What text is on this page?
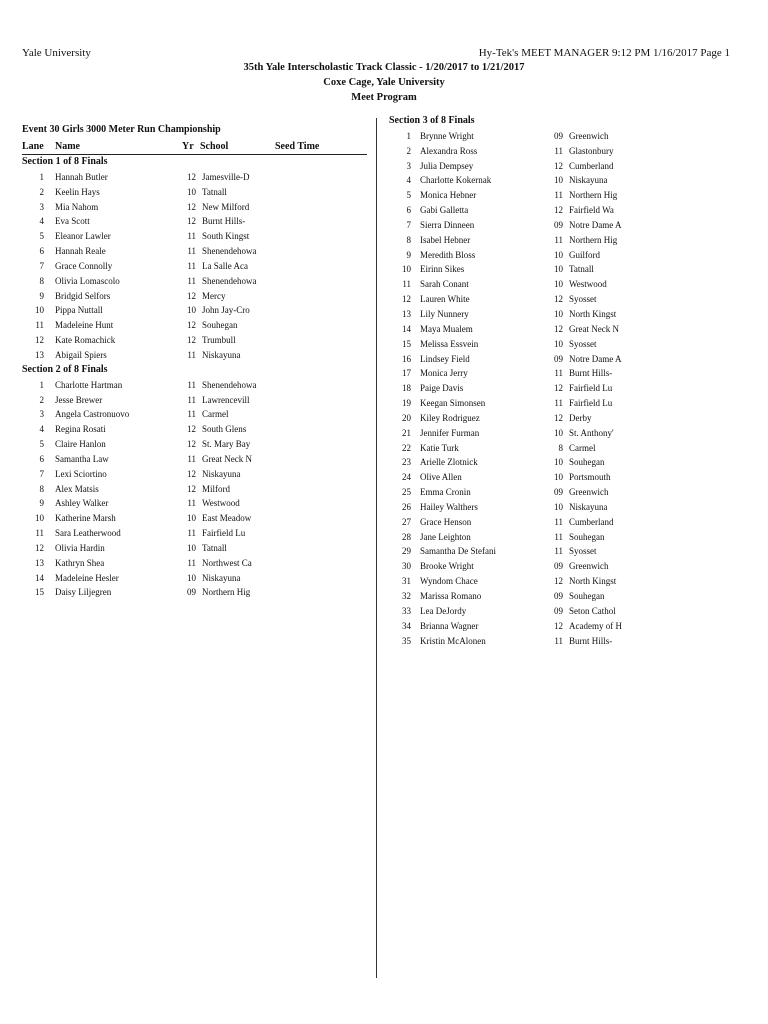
Yale University	Hy-Tek's MEET MANAGER 9:12 PM 1/16/2017 Page 1
35th Yale Interscholastic Track Classic - 1/20/2017 to 1/21/2017
Coxe Cage, Yale University
Meet Program
Event 30 Girls 3000 Meter Run Championship
Lane Name	Yr School	Seed Time
Section 1 of 8 Finals
1 Hannah Butler	12 Jamesville-D
2 Keelin Hays	10 Tatnall
3 Mia Nahom	12 New Milford
4 Eva Scott	12 Burnt Hills-
5 Eleanor Lawler	11 South Kingst
6 Hannah Reale	11 Shenendehowa
7 Grace Connolly	11 La Salle Aca
8 Olivia Lomascolo	11 Shenendehowa
9 Bridgid Selfors	12 Mercy
10 Pippa Nuttall	10 John Jay-Cro
11 Madeleine Hunt	12 Souhegan
12 Kate Romachick	12 Trumbull
13 Abigail Spiers	11 Niskayuna
Section 2 of 8 Finals
1 Charlotte Hartman	11 Shenendehowa
2 Jesse Brewer	11 Lawrencevill
3 Angela Castronuovo	11 Carmel
4 Regina Rosati	12 South Glens
5 Claire Hanlon	12 St. Mary Bay
6 Samantha Law	11 Great Neck N
7 Lexi Sciortino	12 Niskayuna
8 Alex Matsis	12 Milford
9 Ashley Walker	11 Westwood
10 Katherine Marsh	10 East Meadow
11 Sara Leatherwood	11 Fairfield Lu
12 Olivia Hardin	10 Tatnall
13 Kathryn Shea	11 Northwest Ca
14 Madeleine Hesler	10 Niskayuna
15 Daisy Liljegren	09 Northern Hig
Section 3 of 8 Finals
1 Brynne Wright	09 Greenwich
2 Alexandra Ross	11 Glastonbury
3 Julia Dempsey	12 Cumberland
4 Charlotte Kokernak	10 Niskayuna
5 Monica Hebner	11 Northern Hig
6 Gabi Galletta	12 Fairfield Wa
7 Sierra Dinneen	09 Notre Dame A
8 Isabel Hebner	11 Northern Hig
9 Meredith Bloss	10 Guilford
10 Eirinn Sikes	10 Tatnall
11 Sarah Conant	10 Westwood
12 Lauren White	12 Syosset
13 Lily Nunnery	10 North Kingst
14 Maya Mualem	12 Great Neck N
15 Melissa Essvein	10 Syosset
16 Lindsey Field	09 Notre Dame A
17 Monica Jerry	11 Burnt Hills-
18 Paige Davis	12 Fairfield Lu
19 Keegan Simonsen	11 Fairfield Lu
20 Kiley Rodriguez	12 Derby
21 Jennifer Furman	10 St. Anthony'
22 Katie Turk	8 Carmel
23 Arielle Zlotnick	10 Souhegan
24 Olive Allen	10 Portsmouth
25 Emma Cronin	09 Greenwich
26 Hailey Walthers	10 Niskayuna
27 Grace Henson	11 Cumberland
28 Jane Leighton	11 Souhegan
29 Samantha De Stefani	11 Syosset
30 Brooke Wright	09 Greenwich
31 Wyndom Chace	12 North Kingst
32 Marissa Romano	09 Souhegan
33 Lea DeJordy	09 Seton Cathol
34 Brianna Wagner	12 Academy of H
35 Kristin McAlonen	11 Burnt Hills-
